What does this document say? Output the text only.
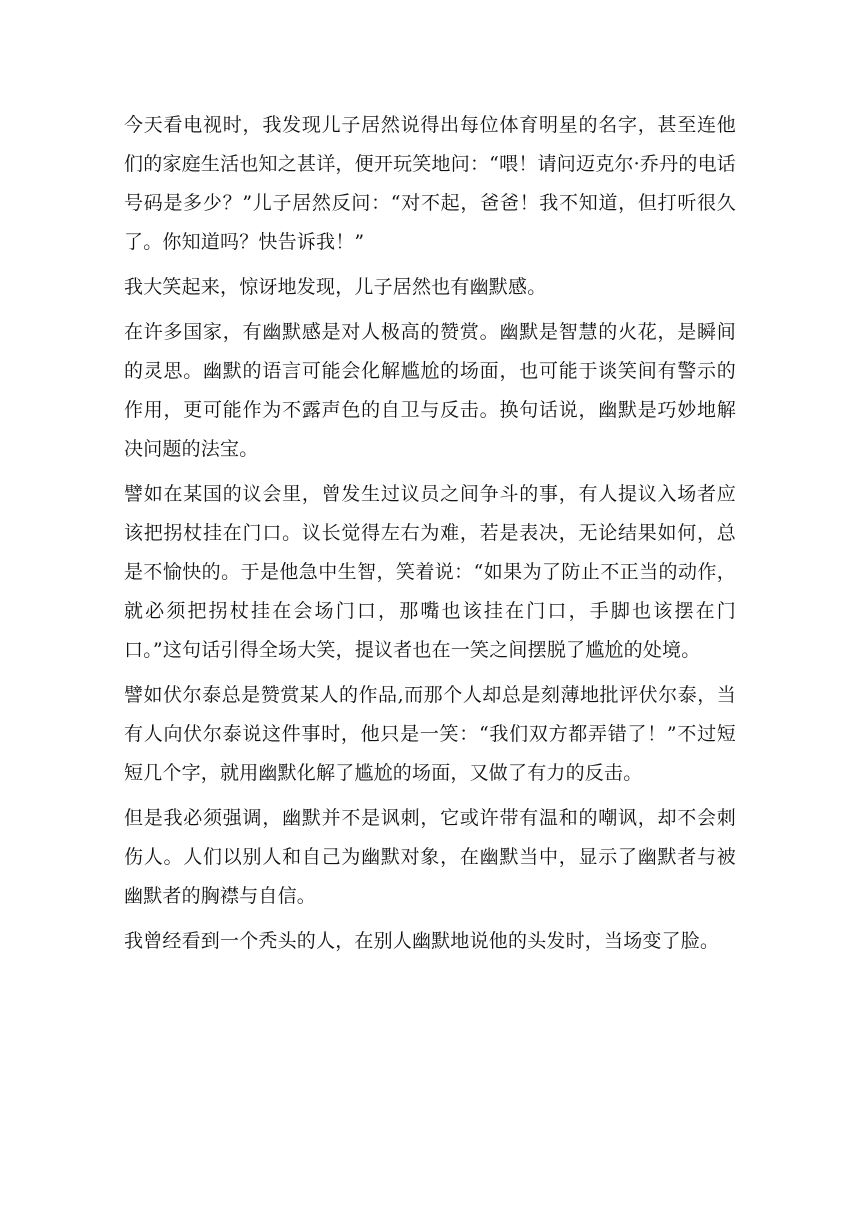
今天看电视时，我发现儿子居然说得出每位体育明星的名字，甚至连他们的家庭生活也知之甚详，便开玩笑地问：“喂！请问迈克尔·乔丹的电话号码是多少？”儿子居然反问：“对不起，爸爸！我不知道，但打听很久了。你知道吗？快告诉我！”

我大笑起来，惊讶地发现，儿子居然也有幽默感。

在许多国家，有幽默感是对人极高的赞赏。幽默是智慧的火花，是瞬间的灵思。幽默的语言可能会化解尴尬的场面，也可能于谈笑间有警示的作用，更可能作为不露声色的自卫与反击。换句话说，幽默是巧妙地解决问题的法宝。

譬如在某国的议会里，曾发生过议员之间争斗的事，有人提议入场者应该把拐杖挂在门口。议长觉得左右为难，若是表决，无论结果如何，总是不愉快的。于是他急中生智，笑着说：“如果为了防止不正当的动作，就必须把拐杖挂在会场门口，那嘴也该挂在门口，手脚也该摆在门口。”这句话引得全场大笑，提议者也在一笑之间摆脱了尴尬的处境。

譬如伏尔泰总是赞赏某人的作品,而那个人却总是刻薄地批评伏尔泰，当有人向伏尔泰说这件事时，他只是一笑：“我们双方都弄错了！”不过短短几个字，就用幽默化解了尴尬的场面，又做了有力的反击。

但是我必须强调，幽默并不是讽刺，它或许带有温和的嘲讽，却不会刺伤人。人们以别人和自己为幽默对象，在幽默当中，显示了幽默者与被幽默者的胸襟与自信。

我曾经看到一个秃头的人，在别人幽默地说他的头发时，当场变了脸。
